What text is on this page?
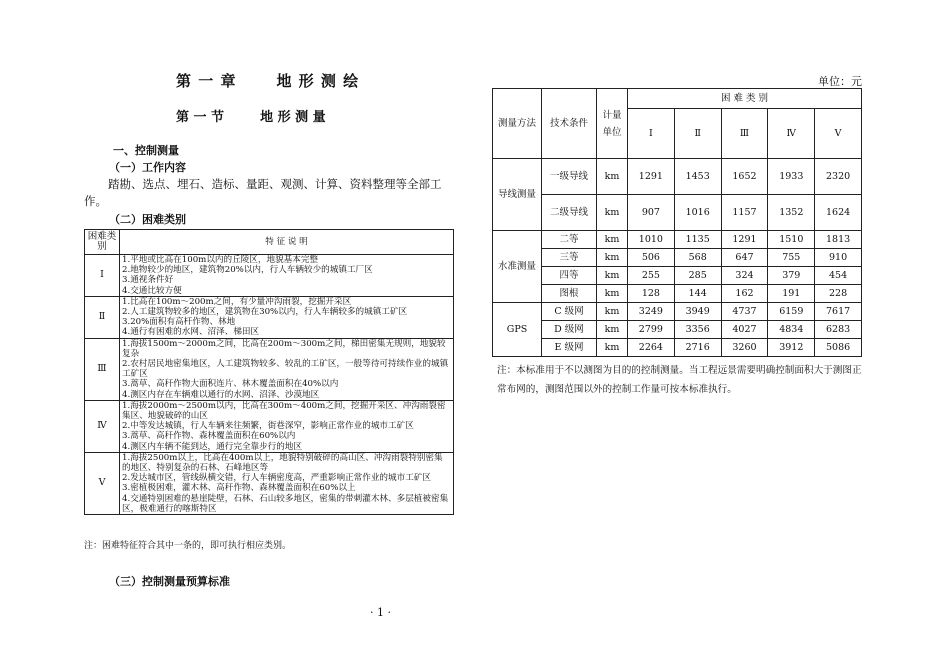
第 一 章	地 形 测 绘
第 一 节	地 形 测 量
一、控制测量
（一）工作内容

踏勘、选点、埋石、造标、量距、观测、计算、资料整理等全部工作。

（二）困难类别
困难类别	特 征 说 明
Ⅰ	1.平地或比高在100m以内的丘陵区，地貌基本完整
2.地物较少的地区，建筑物20%以内，行人车辆较少的城镇工厂区
3.通视条件好
4.交通比较方便

Ⅱ	1.比高在100m～200m之间，有少量冲沟雨裂，挖掘开采区
2.人工建筑物较多的地区，建筑物在30%以内，行人车辆较多的城镇工矿区
3.20%面积有高杆作物、林地
4.通行有困难的水网、沼泽、梯田区

Ⅲ	1.海拔1500m～2000m之间，比高在200m～300m之间，梯田密集无规则，地貌较复杂
2.农村居民地密集地区，人工建筑物较多、较乱的工矿区，一般等待可持续作业的城镇工矿区
3.蒿草、高秆作物大面积连片、林木覆盖面积在40%以内
4.测区内存在车辆难以通行的水网、沼泽、沙漠地区

Ⅳ	1.海拔2000m～2500m以内，比高在300m～400m之间，挖掘开采区、冲沟雨裂密集区、地貌破碎的山区
2.中等发达城镇，行人车辆来往频繁，街巷深窄，影响正常作业的城市工矿区
3.蒿草、高秆作物、森林覆盖面积在60%以内
4.测区内车辆不能到达，通行完全靠步行的地区

Ⅴ	1.海拔2500m以上，比高在400m以上，地貌特别破碎的高山区、冲沟雨裂特别密集的地区、特别复杂的石林、石峰地区等
2.发达城市区，管线纵横交错，行人车辆密度高，严重影响正常作业的城市工矿区
3.密植极困难，灌木林、高秆作物、森林覆盖面积在60%以上
4.交通特别困难的悬崖陡壁，石林、石山较多地区，密集的带刺灌木林、多层植被密集区，极难通行的喀斯特区
注：困难特征符合其中一条的，即可执行相应类别。
（三）控制测量预算标准
· 1 ·
单位：元
测量方法	技术条件	计量单位	困 难 类 别				
			Ⅰ	Ⅱ	Ⅲ	Ⅳ	Ⅴ
导线测量	一级导线	km	1291	1453	1652	1933	2320
	二级导线	km	907	1016	1157	1352	1624
水准测量	二等	km	1010	1135	1291	1510	1813
	三等	km	506	568	647	755	910
	四等	km	255	285	324	379	454
	图根	km	128	144	162	191	228
GPS	C 级网	km	3249	3949	4737	6159	7617
	D 级网	km	2799	3356	4027	4834	6283
	E 级网	km	2264	2716	3260	3912	5086

注：本标准用于不以测图为目的的控制测量。当工程远景需要明确控制面积大于测图正常布网的，测图范围以外的控制工作量可按本标准执行。
